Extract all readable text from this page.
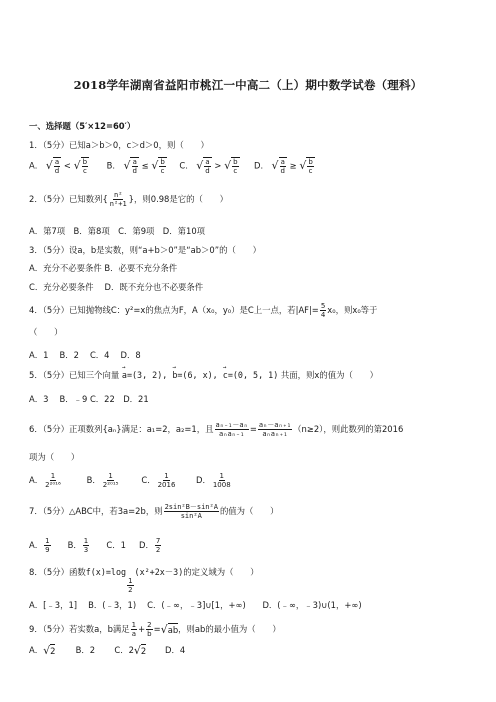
2018学年湖南省益阳市桃江一中高二（上）期中数学试卷（理科）
一、选择题（5′×12=60′）
1．（5分）已知a＞b＞0，c＞d＞0，则（　　）
A． √ $\frac{a}{d}$ < √ $\frac{b}{c}$ B． √ $\frac{a}{d}$ ≤ √ $\frac{b}{c}$ C． √ $\frac{a}{d}$ > √ $\frac{b}{c}$ D． √ $\frac{a}{d}$ ≥ √ $\frac{b}{c}$
2．（5分）已知数列{ $\frac{\text{n²}}{\text{n²+1}}$ }，则0.98是它的（　　）
A．第7项　B．第8项　C．第9项　D．第10项
3．（5分）设a，b是实数，则“a+b＞0”是“ab＞0”的（　　）
A．充分不必要条件 B．必要不充分条件
C．充分必要条件　 D．既不充分也不必要条件
4．（5分）已知抛物线C：y²=x的焦点为F，A（x₀，y₀）是C上一点，若$|AF|= \frac{5}{4} x_0$，则x₀等于
（　　）
A．1　 B．2　 C．4　 D．8
5．（5分）已知三个向量 → a=(3, 2), → b=(6, x), → c=(0, 5, 1) 共面，则x的值为（　　）
A．3　 B．﹣9 C．22　D．21
6．（5分）正项数列{aₙ}满足：a₁=2，a₂=1，且 $\frac{\text{aₙ₋₁－aₙ}}{\text{aₙaₙ₋₁}} = \frac{\text{aₙ－aₙ₊₁}}{\text{aₙaₙ₊₁}} (n\ge 2)$，则此数列的第2016
项为（　　）
A． $\frac{1}{\text{2²⁰¹⁶}}$	B． $\frac{1}{\text{2²⁰¹⁵}}$	C． $\frac{1}{2016}$ D． $\frac{1}{1008}$
7．（5分）△ABC中，若3a=2b，则 $\frac{\text{2sin²B－sin²A}}{\text{sin²A}}$ 的值为（　　）
A． $\frac{1}{9}$ B． $\frac{1}{3}$ C．1 D． $\frac{7}{2}$
8．（5分）函数f(x)=log
$\frac{1}{2}$
(x²+2x－3)的定义域为（　　）
A．[﹣3，1]　 B．(﹣3，1)　 C．(﹣∞，﹣3]∪[1，+∞)　　D．(﹣∞，﹣3)∪(1，+∞)
9．（5分）若实数a，b满足 $\frac{1}{a} + \frac{2}{b}$ = √ ab ，则ab的最小值为（　　）
A． √ 2 B．2 C．2 √ 2 D．4
